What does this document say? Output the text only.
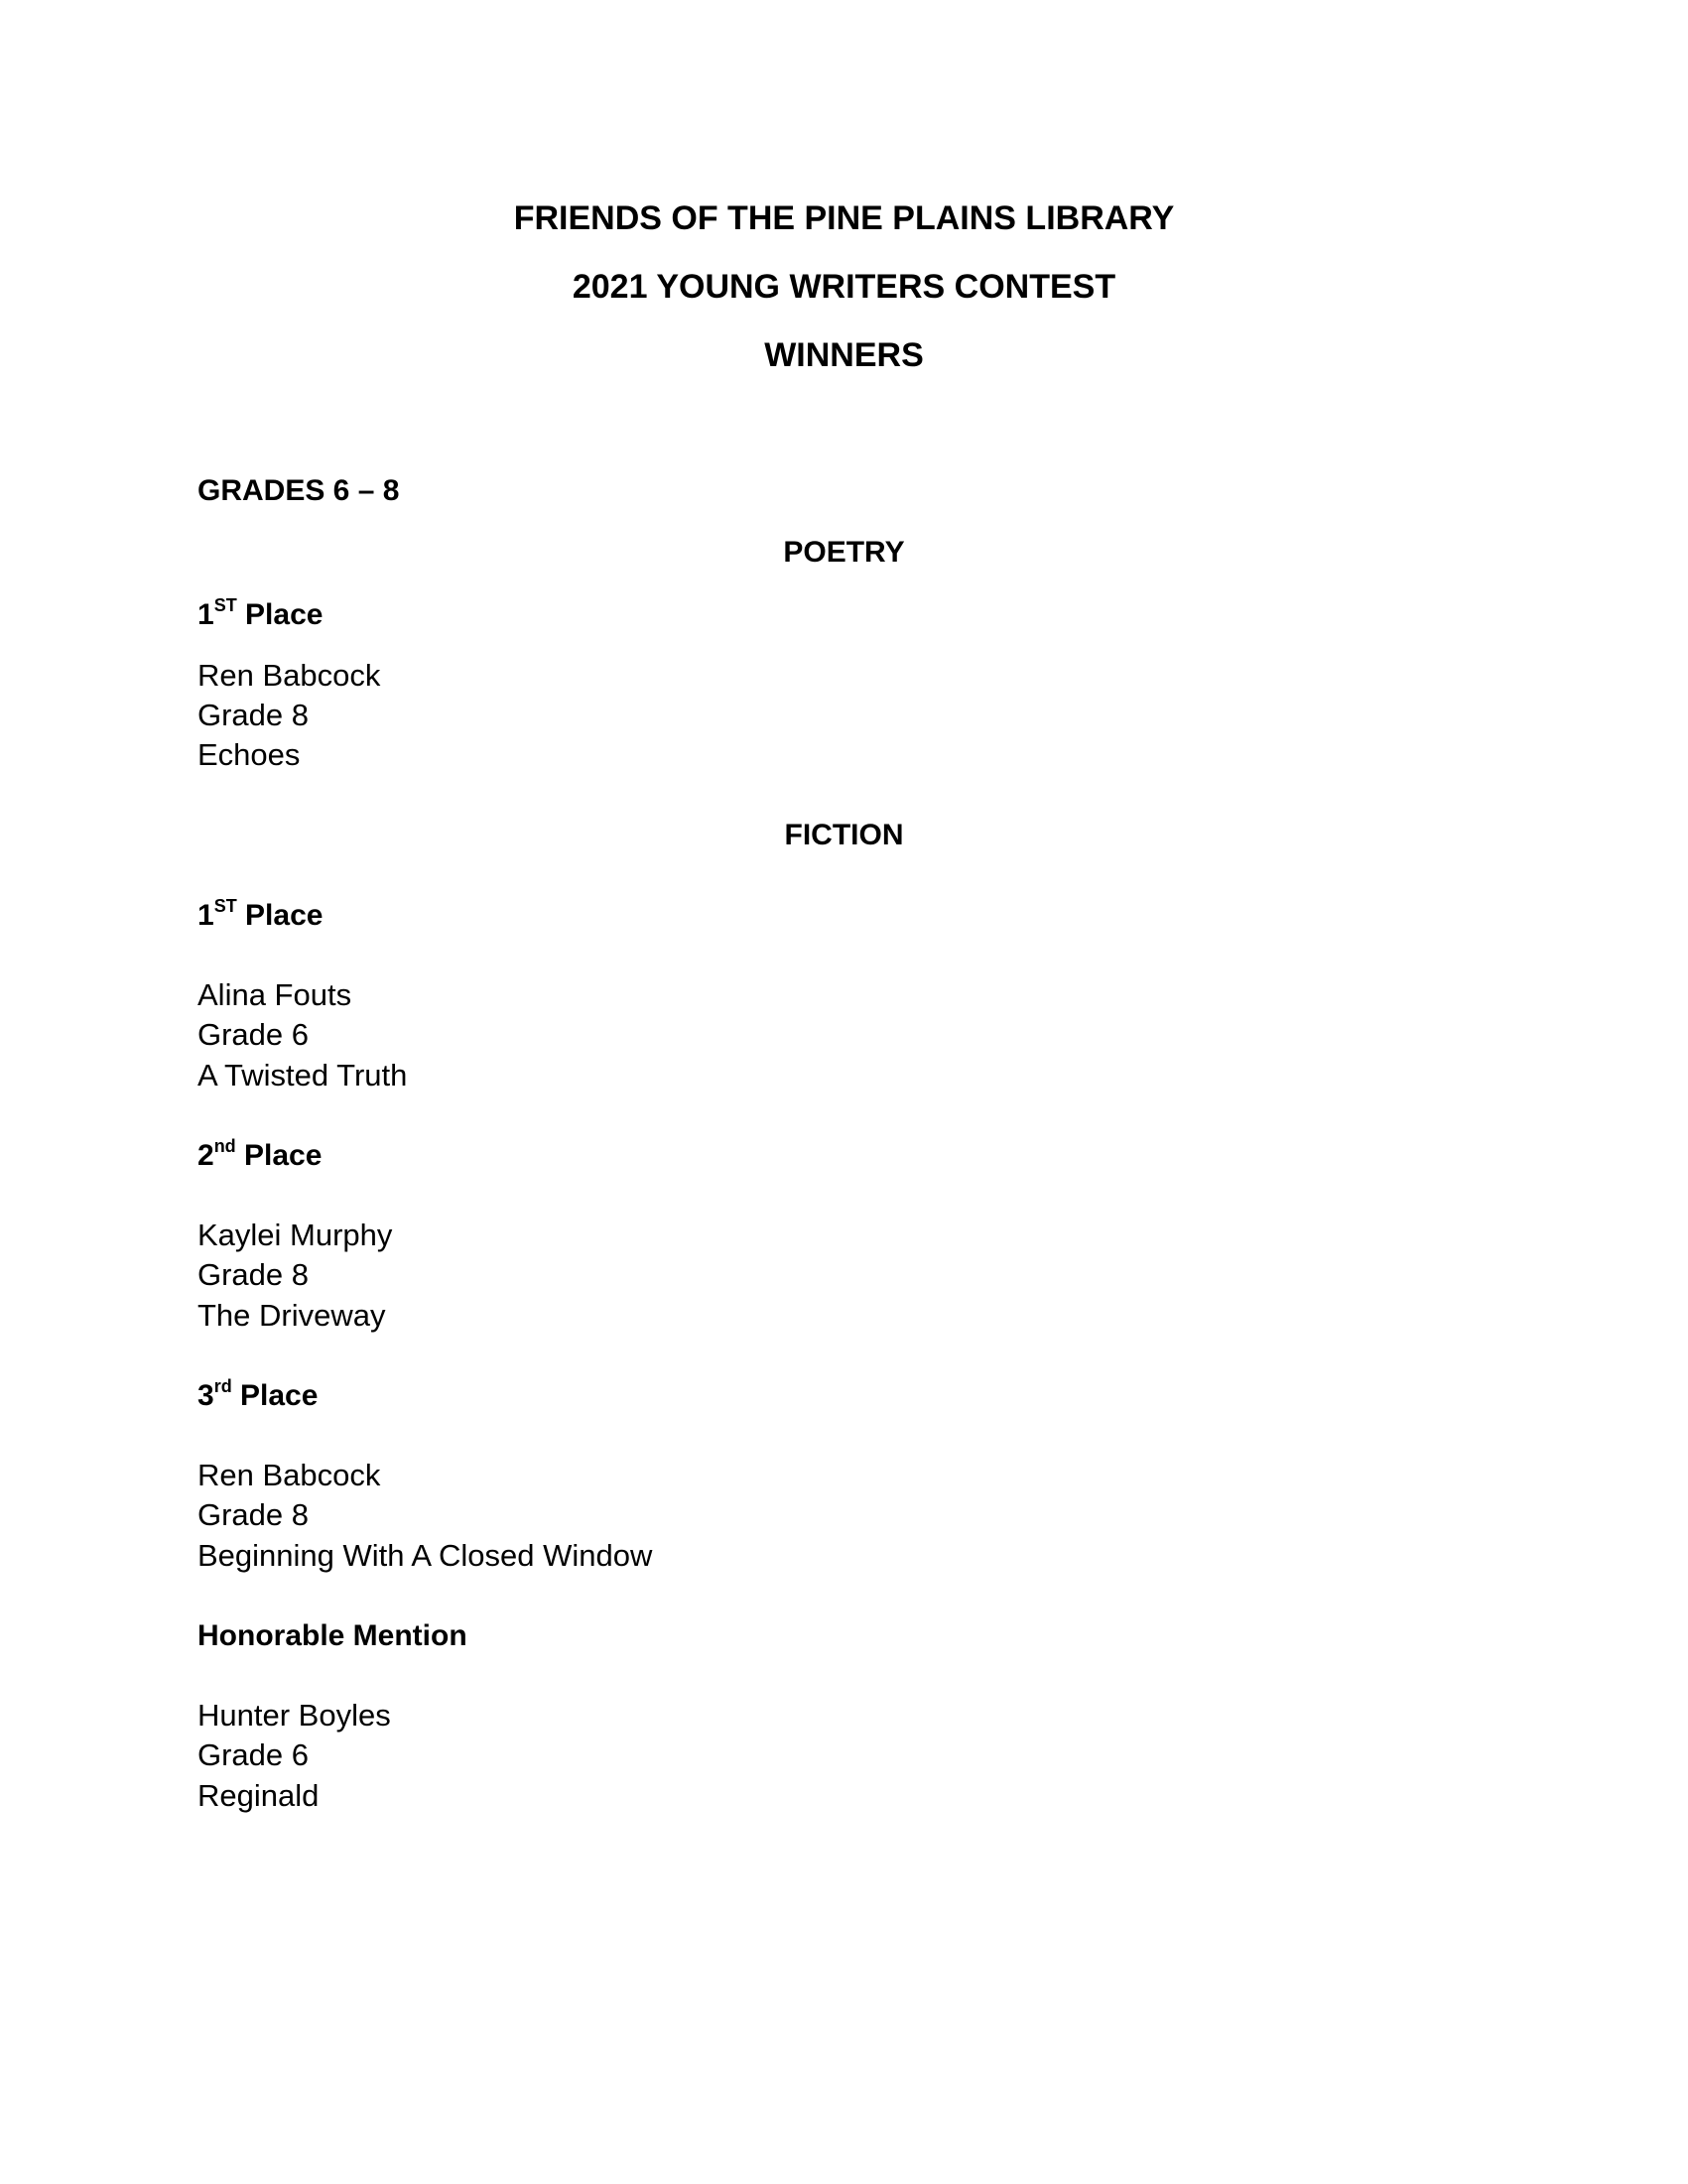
FRIENDS OF THE PINE PLAINS LIBRARY
2021 YOUNG WRITERS CONTEST
WINNERS
GRADES 6 – 8
POETRY
1ST Place
Ren Babcock
Grade 8
Echoes
FICTION
1ST Place
Alina Fouts
Grade 6
A Twisted Truth
2nd Place
Kaylei Murphy
Grade 8
The Driveway
3rd Place
Ren Babcock
Grade 8
Beginning With A Closed Window
Honorable Mention
Hunter Boyles
Grade 6
Reginald
